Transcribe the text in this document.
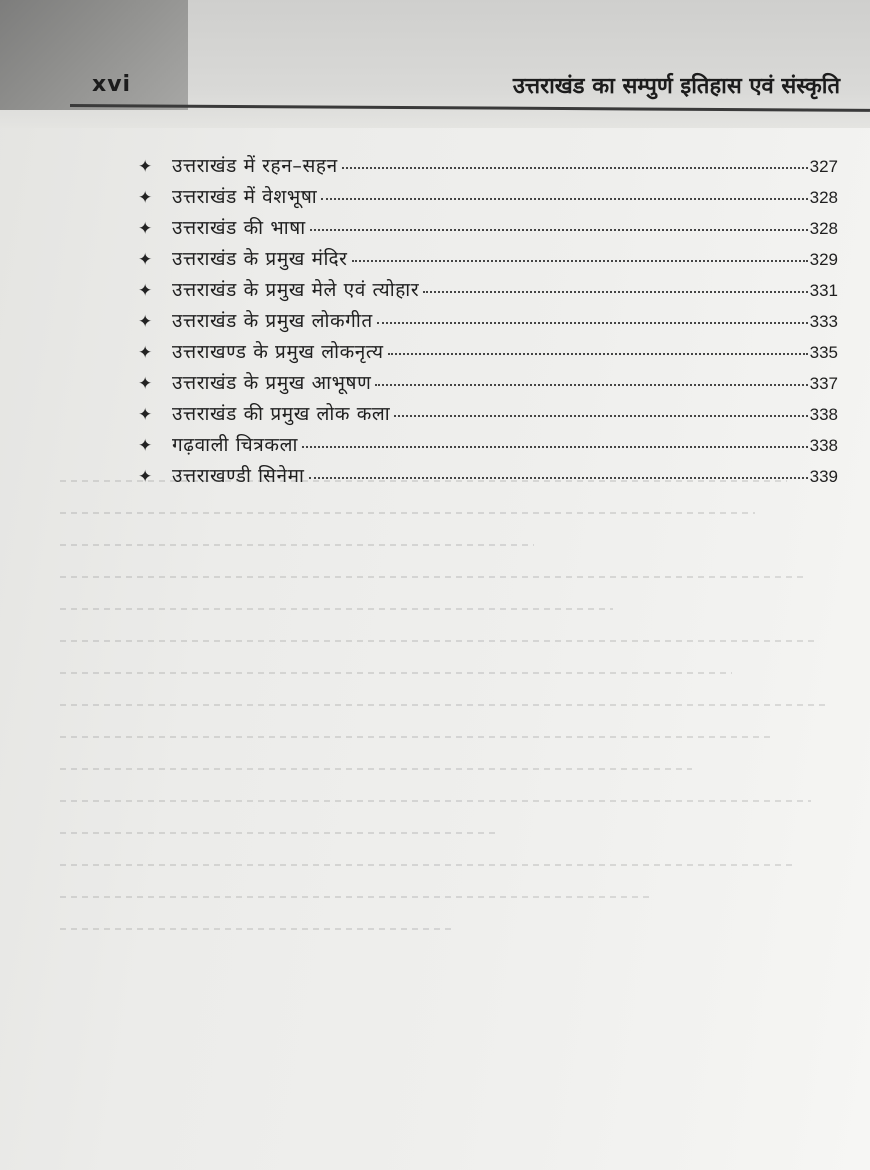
xvi	उत्तराखंड का सम्पुर्ण इतिहास एवं संस्कृति
✦	उत्तराखंड में रहन–सहन	327
✦	उत्तराखंड में वेशभूषा	328
✦	उत्तराखंड की भाषा	328
✦	उत्तराखंड के प्रमुख मंदिर	329
✦	उत्तराखंड के प्रमुख मेले एवं त्योहार	331
✦	उत्तराखंड के प्रमुख लोकगीत	333
✦	उत्तराखण्ड के प्रमुख लोकनृत्य	335
✦	उत्तराखंड के प्रमुख आभूषण	337
✦	उत्तराखंड की प्रमुख लोक कला	338
✦	गढ़वाली चित्रकला	338
✦	उत्तराखण्डी सिनेमा	339
